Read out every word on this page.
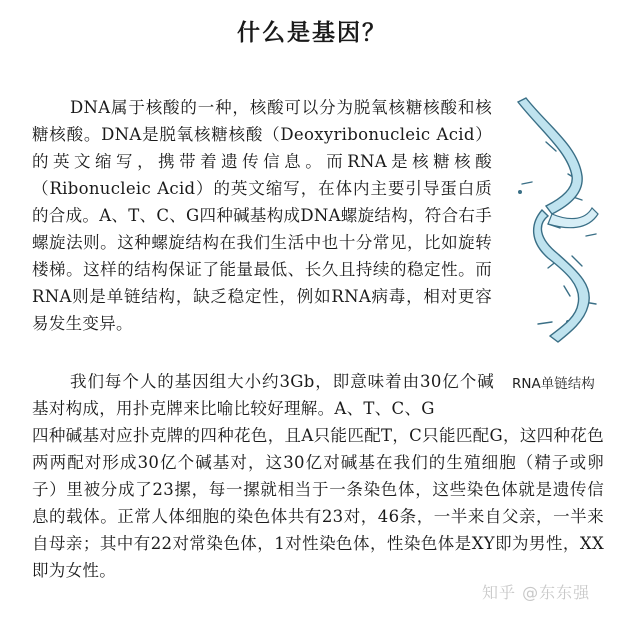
什么是基因？

DNA属于核酸的一种，核酸可以分为脱氧核糖核酸和核糖核酸。DNA是脱氧核糖核酸（Deoxyribonucleic Acid）的英文缩写，携带着遗传信息。而RNA是核糖核酸（Ribonucleic Acid）的英文缩写，在体内主要引导蛋白质的合成。A、T、C、G四种碱基构成DNA螺旋结构，符合右手螺旋法则。这种螺旋结构在我们生活中也十分常见，比如旋转楼梯。这样的结构保证了能量最低、长久且持续的稳定性。而RNA则是单链结构，缺乏稳定性，例如RNA病毒，相对更容易发生变异。

RNA单链结构

我们每个人的基因组大小约3Gb，即意味着由30亿个碱基对构成，用扑克牌来比喻比较好理解。A、T、C、G

四种碱基对应扑克牌的四种花色，且A只能匹配T，C只能匹配G，这四种花色两两配对形成30亿个碱基对，这30亿对碱基在我们的生殖细胞（精子或卵子）里被分成了23摞，每一摞就相当于一条染色体，这些染色体就是遗传信息的载体。正常人体细胞的染色体共有23对，46条，一半来自父亲，一半来自母亲；其中有22对常染色体，1对性染色体，性染色体是XY即为男性，XX即为女性。

知乎 @东东强
